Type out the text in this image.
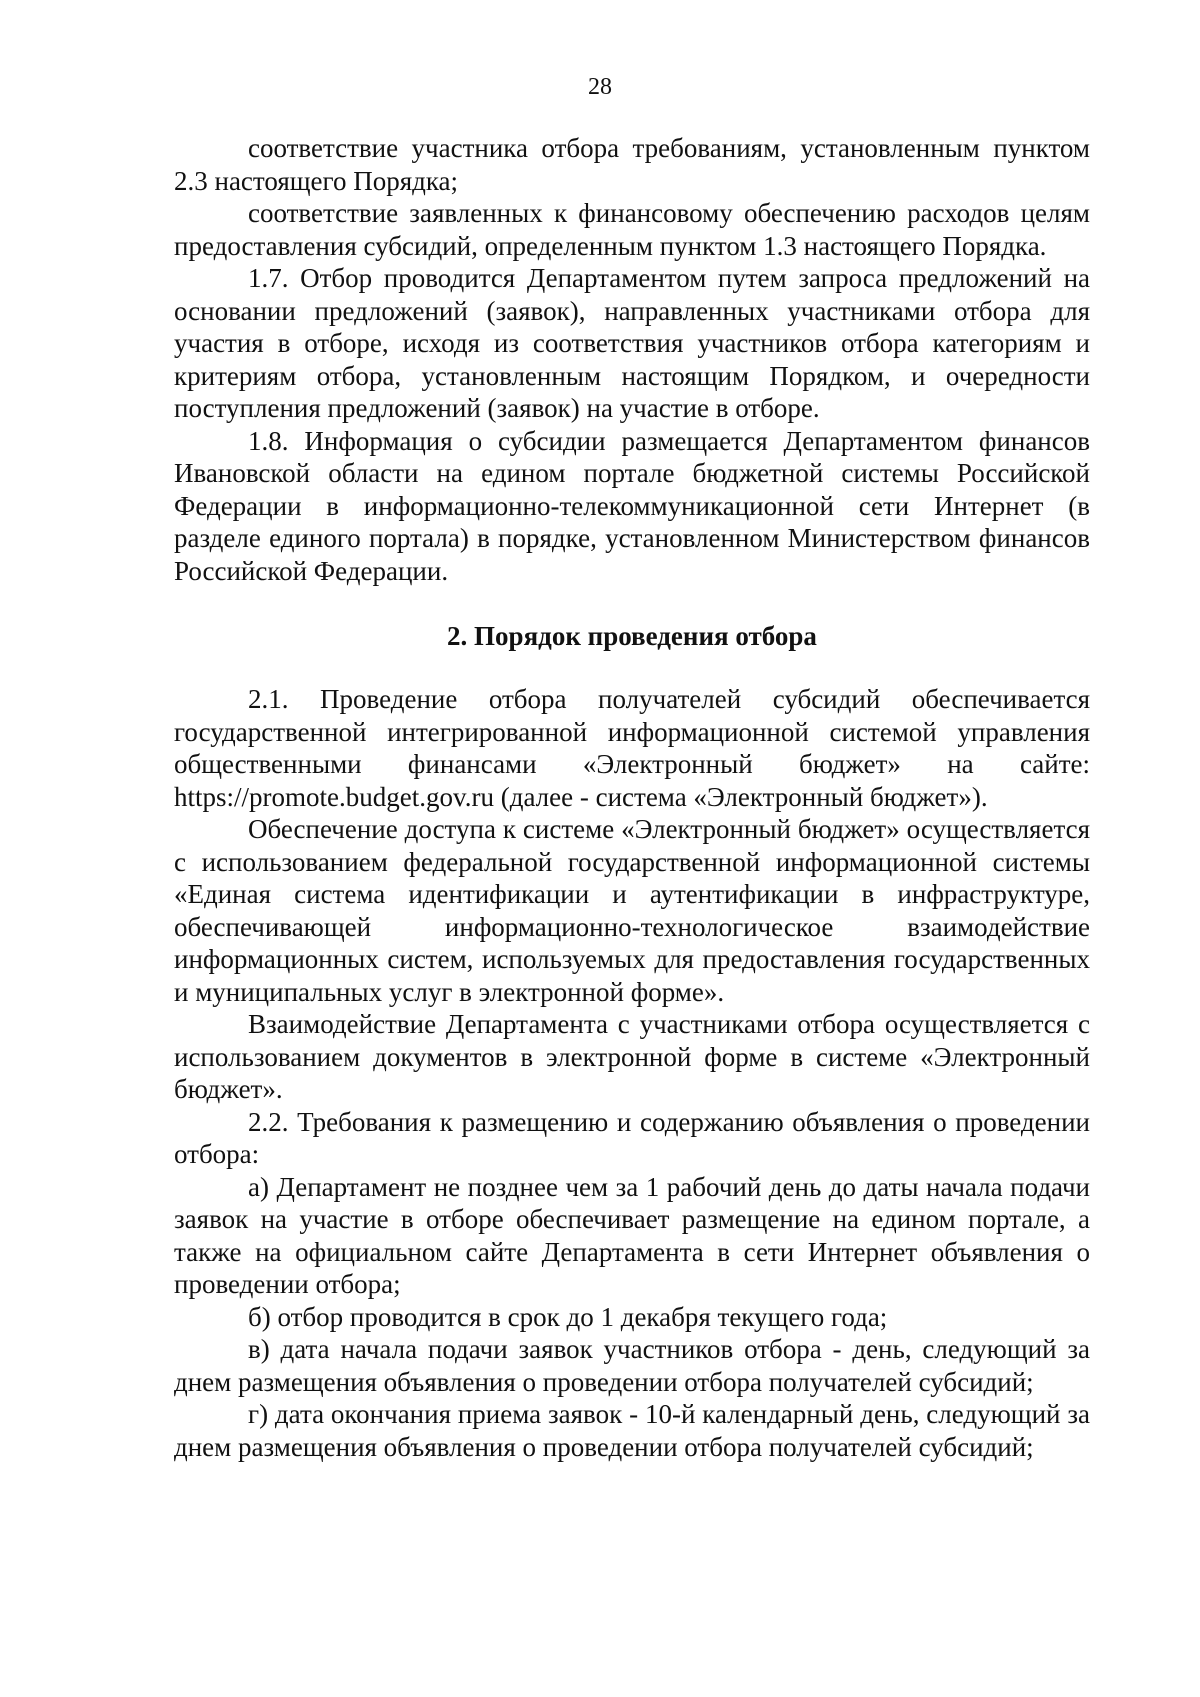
28

соответствие участника отбора требованиям, установленным пунктом 2.3 настоящего Порядка;

соответствие заявленных к финансовому обеспечению расходов целям предоставления субсидий, определенным пунктом 1.3 настоящего Порядка.

1.7. Отбор проводится Департаментом путем запроса предложений на основании предложений (заявок), направленных участниками отбора для участия в отборе, исходя из соответствия участников отбора категориям и критериям отбора, установленным настоящим Порядком, и очередности поступления предложений (заявок) на участие в отборе.

1.8. Информация о субсидии размещается Департаментом финансов Ивановской области на едином портале бюджетной системы Российской Федерации в информационно-телекоммуникационной сети Интернет (в разделе единого портала) в порядке, установленном Министерством финансов Российской Федерации.

2. Порядок проведения отбора

2.1. Проведение отбора получателей субсидий обеспечивается государственной интегрированной информационной системой управления общественными финансами «Электронный бюджет» на сайте: https://promote.budget.gov.ru (далее - система «Электронный бюджет»).

Обеспечение доступа к системе «Электронный бюджет» осуществляется с использованием федеральной государственной информационной системы «Единая система идентификации и аутентификации в инфраструктуре, обеспечивающей информационно-технологическое взаимодействие информационных систем, используемых для предоставления государственных и муниципальных услуг в электронной форме».

Взаимодействие Департамента с участниками отбора осуществляется с использованием документов в электронной форме в системе «Электронный бюджет».

2.2. Требования к размещению и содержанию объявления о проведении отбора:

а) Департамент не позднее чем за 1 рабочий день до даты начала подачи заявок на участие в отборе обеспечивает размещение на едином портале, а также на официальном сайте Департамента в сети Интернет объявления о проведении отбора;

б) отбор проводится в срок до 1 декабря текущего года;

в) дата начала подачи заявок участников отбора - день, следующий за днем размещения объявления о проведении отбора получателей субсидий;

г) дата окончания приема заявок - 10-й календарный день, следующий за днем размещения объявления о проведении отбора получателей субсидий;
